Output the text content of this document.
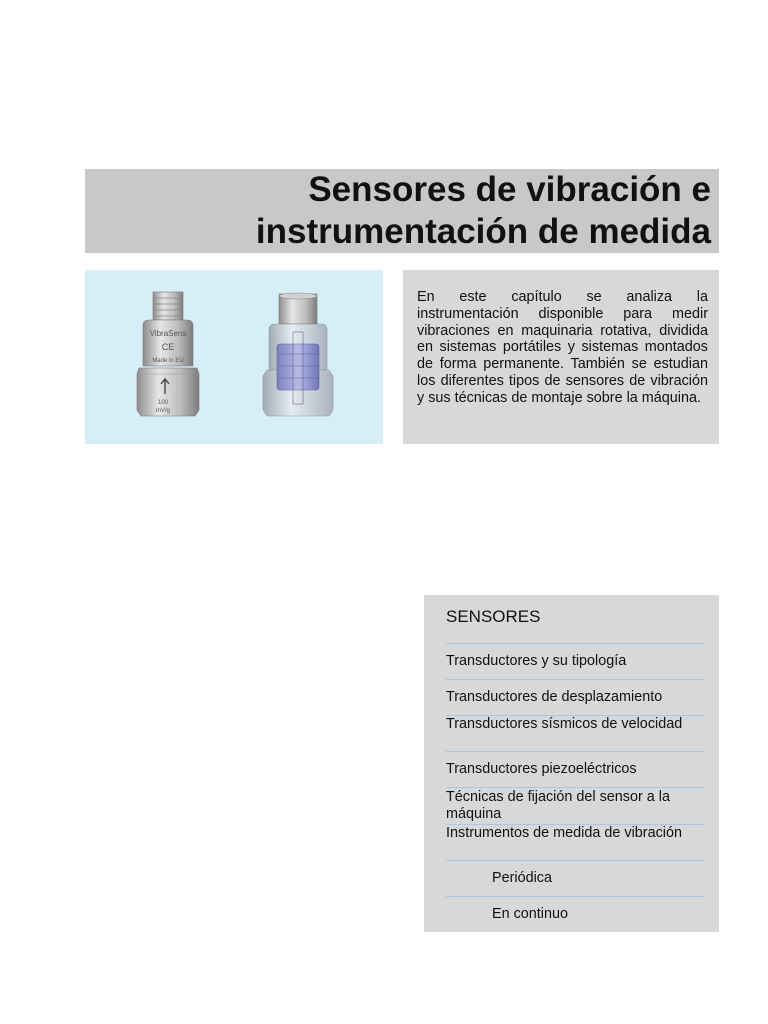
Sensores de vibración e
instrumentación de medida
VibraSens
CE
Made in EU
100
mV/g

En este capítulo se analiza la instrumentación disponible para medir vibraciones en maquinaria rotativa, dividida en sistemas portátiles y sistemas montados de forma permanente. También se estudian los diferentes tipos de sensores de vibración y sus técnicas de montaje sobre la máquina.

SENSORES
Transductores y su tipología
Transductores de desplazamiento
Transductores sísmicos de velocidad
Transductores piezoeléctricos
Técnicas de fijación del sensor a la máquina
Instrumentos de medida de vibración
Periódica
En continuo
